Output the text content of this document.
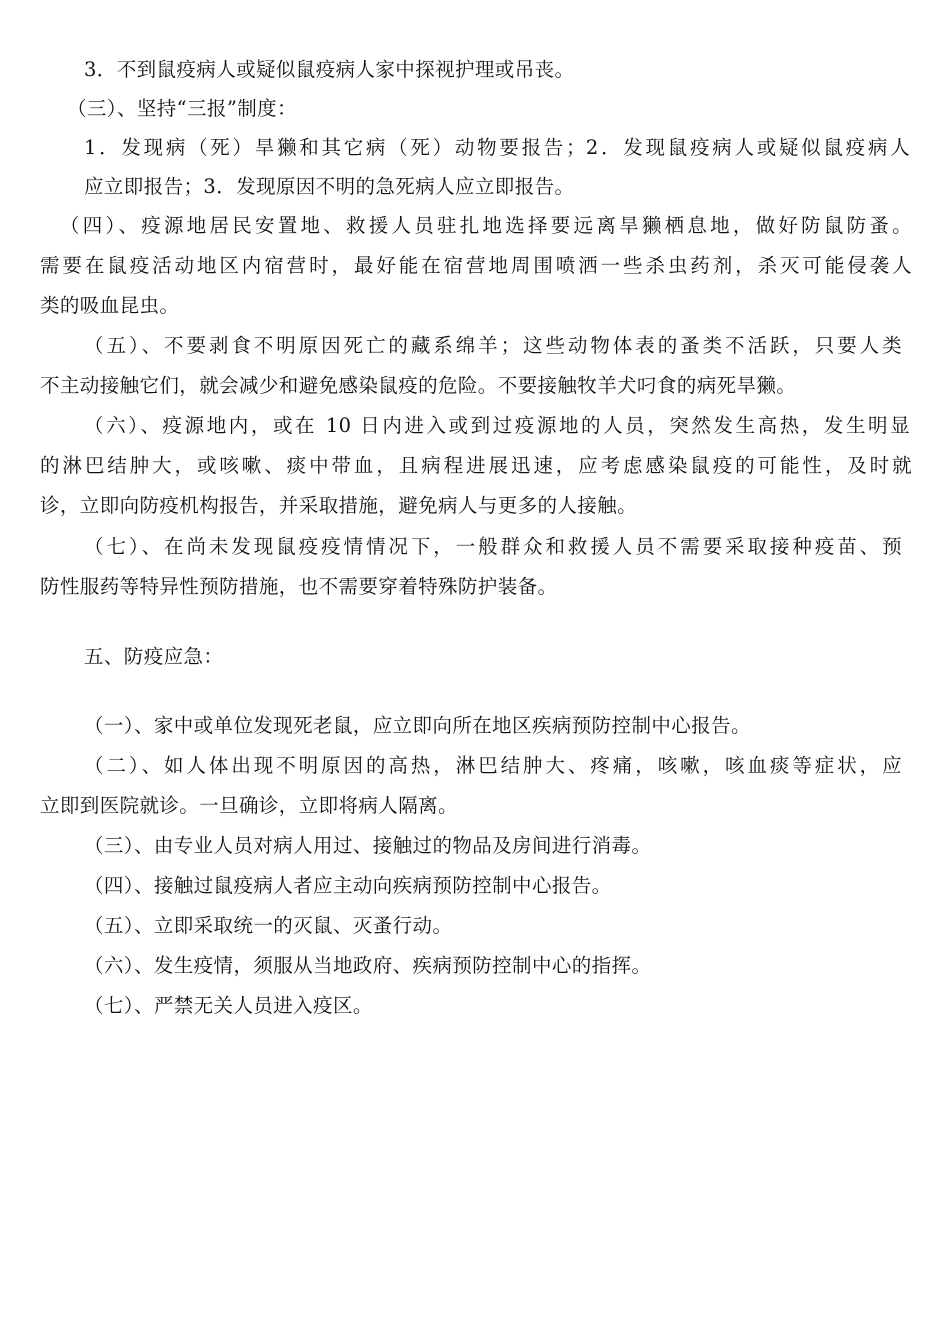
3．不到鼠疫病人或疑似鼠疫病人家中探视护理或吊丧。
（三）、坚持“三报”制度：
1．发现病（死）旱獭和其它病（死）动物要报告；2．发现鼠疫病人或疑似鼠疫病人
应立即报告；3．发现原因不明的急死病人应立即报告。
（四）、疫源地居民安置地、救援人员驻扎地选择要远离旱獭栖息地，做好防鼠防蚤。
需要在鼠疫活动地区内宿营时，最好能在宿营地周围喷洒一些杀虫药剂，杀灭可能侵袭人
类的吸血昆虫。
（五）、不要剥食不明原因死亡的藏系绵羊；这些动物体表的蚤类不活跃，只要人类
不主动接触它们，就会减少和避免感染鼠疫的危险。不要接触牧羊犬叼食的病死旱獭。
（六）、疫源地内，或在 10 日内进入或到过疫源地的人员，突然发生高热，发生明显
的淋巴结肿大，或咳嗽、痰中带血，且病程进展迅速，应考虑感染鼠疫的可能性，及时就
诊，立即向防疫机构报告，并采取措施，避免病人与更多的人接触。
（七）、在尚未发现鼠疫疫情情况下，一般群众和救援人员不需要采取接种疫苗、预
防性服药等特异性预防措施，也不需要穿着特殊防护装备。
五、防疫应急：
（一）、家中或单位发现死老鼠，应立即向所在地区疾病预防控制中心报告。
（二）、如人体出现不明原因的高热，淋巴结肿大、疼痛，咳嗽，咳血痰等症状，应
立即到医院就诊。一旦确诊，立即将病人隔离。
（三）、由专业人员对病人用过、接触过的物品及房间进行消毒。
（四）、接触过鼠疫病人者应主动向疾病预防控制中心报告。
（五）、立即采取统一的灭鼠、灭蚤行动。
（六）、发生疫情，须服从当地政府、疾病预防控制中心的指挥。
（七）、严禁无关人员进入疫区。
